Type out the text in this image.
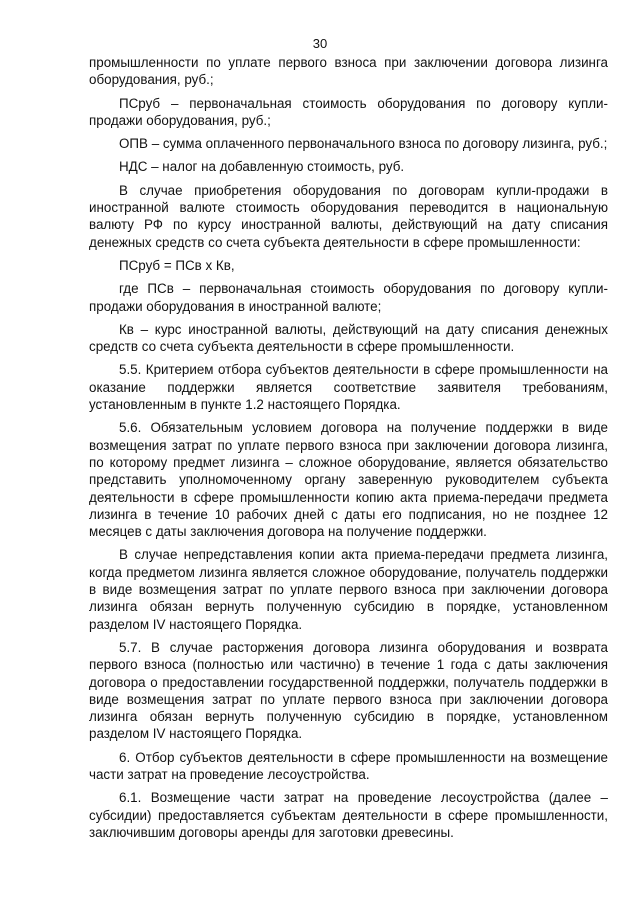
30

промышленности по уплате первого взноса при заключении договора лизинга оборудования, руб.;

ПСруб – первоначальная стоимость оборудования по договору купли-продажи оборудования, руб.;

ОПВ – сумма оплаченного первоначального взноса по договору лизинга, руб.;

НДС – налог на добавленную стоимость, руб.

В случае приобретения оборудования по договорам купли-продажи в иностранной валюте стоимость оборудования переводится в национальную валюту РФ по курсу иностранной валюты, действующий на дату списания денежных средств со счета субъекта деятельности в сфере промышленности:

ПСруб = ПСв х Кв,

где ПСв – первоначальная стоимость оборудования по договору купли-продажи оборудования в иностранной валюте;

Кв – курс иностранной валюты, действующий на дату списания денежных средств со счета субъекта деятельности в сфере промышленности.

5.5. Критерием отбора субъектов деятельности в сфере промышленности на оказание поддержки является соответствие заявителя требованиям, установленным в пункте 1.2 настоящего Порядка.

5.6. Обязательным условием договора на получение поддержки в виде возмещения затрат по уплате первого взноса при заключении договора лизинга, по которому предмет лизинга – сложное оборудование, является обязательство представить уполномоченному органу заверенную руководителем субъекта деятельности в сфере промышленности копию акта приема-передачи предмета лизинга в течение 10 рабочих дней с даты его подписания, но не позднее 12 месяцев с даты заключения договора на получение поддержки.

В случае непредставления копии акта приема-передачи предмета лизинга, когда предметом лизинга является сложное оборудование, получатель поддержки в виде возмещения затрат по уплате первого взноса при заключении договора лизинга обязан вернуть полученную субсидию в порядке, установленном разделом IV настоящего Порядка.

5.7. В случае расторжения договора лизинга оборудования и возврата первого взноса (полностью или частично) в течение 1 года с даты заключения договора о предоставлении государственной поддержки, получатель поддержки в виде возмещения затрат по уплате первого взноса при заключении договора лизинга обязан вернуть полученную субсидию в порядке, установленном разделом IV настоящего Порядка.

6. Отбор субъектов деятельности в сфере промышленности на возмещение части затрат на проведение лесоустройства.

6.1. Возмещение части затрат на проведение лесоустройства (далее – субсидии) предоставляется субъектам деятельности в сфере промышленности, заключившим договоры аренды для заготовки древесины.
